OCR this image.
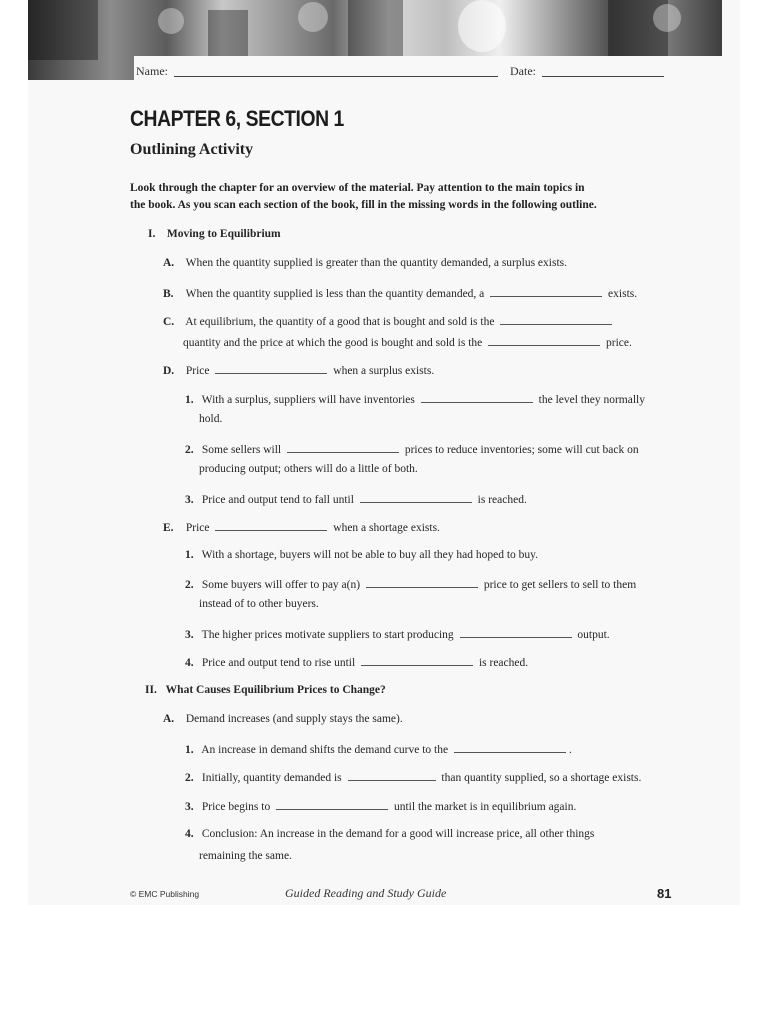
Name:	Date:
CHAPTER 6, SECTION 1
Outlining Activity
Look through the chapter for an overview of the material. Pay attention to the main topics in
the book. As you scan each section of the book, fill in the missing words in the following outline.
I. Moving to Equilibrium
A. When the quantity supplied is greater than the quantity demanded, a surplus exists.
B. When the quantity supplied is less than the quantity demanded, a	exists.
C. At equilibrium, the quantity of a good that is bought and sold is the
quantity and the price at which the good is bought and sold is the	price.
D. Price	when a surplus exists.
1. With a surplus, suppliers will have inventories	the level they normally
hold.
2. Some sellers will	prices to reduce inventories; some will cut back on
producing output; others will do a little of both.
3. Price and output tend to fall until	is reached.
E. Price	when a shortage exists.
1. With a shortage, buyers will not be able to buy all they had hoped to buy.
2. Some buyers will offer to pay a(n)	price to get sellers to sell to them
instead of to other buyers.
3. The higher prices motivate suppliers to start producing	output.
4. Price and output tend to rise until	is reached.
II. What Causes Equilibrium Prices to Change?
A. Demand increases (and supply stays the same).
1. An increase in demand shifts the demand curve to the	.
2. Initially, quantity demanded is	than quantity supplied, so a shortage exists.
3. Price begins to	until the market is in equilibrium again.
4. Conclusion: An increase in the demand for a good will increase price, all other things
remaining the same.
© EMC Publishing	Guided Reading and Study Guide	81
